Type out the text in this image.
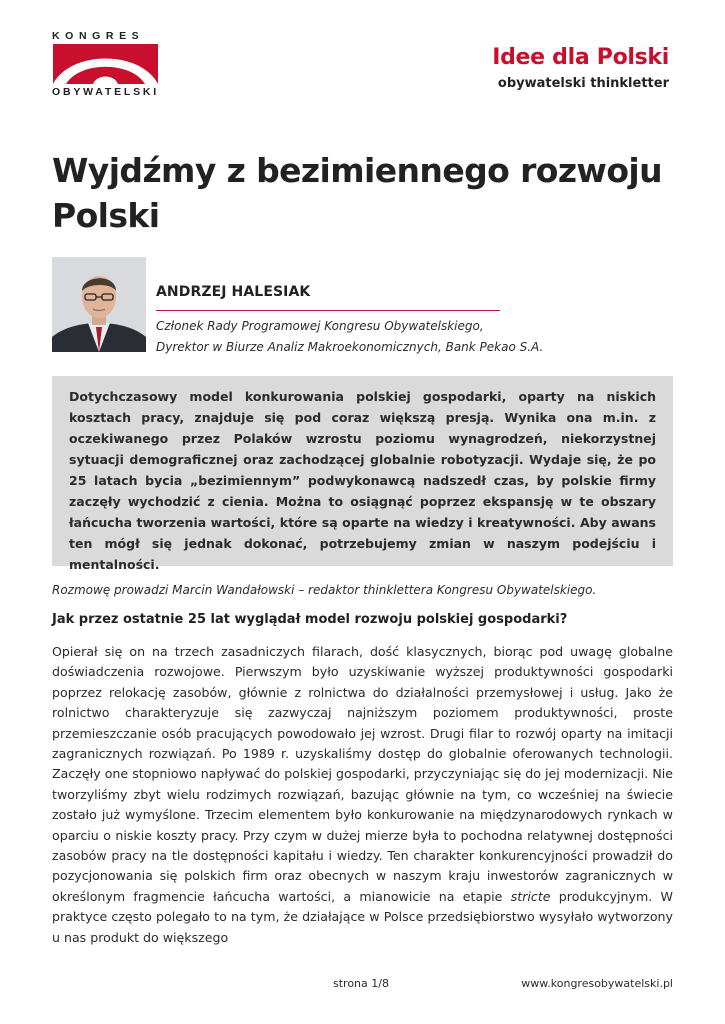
KONGRES
OBYWATELSKI
Idee dla Polski
obywatelski thinkletter
Wyjdźmy z bezimiennego rozwoju Polski
ANDRZEJ HALESIAK
Członek Rady Programowej Kongresu Obywatelskiego,
Dyrektor w Biurze Analiz Makroekonomicznych, Bank Pekao S.A.

Dotychczasowy model konkurowania polskiej gospodarki, oparty na niskich kosztach pracy, znajduje się pod coraz większą presją. Wynika ona m.in. z oczekiwanego przez Polaków wzrostu poziomu wynagrodzeń, niekorzystnej sytuacji demograficznej oraz zachodzącej globalnie robotyzacji. Wydaje się, że po 25 latach bycia „bezimiennym” podwykonawcą nadszedł czas, by polskie firmy zaczęły wychodzić z cienia. Można to osiągnąć poprzez ekspansję w te obszary łańcucha tworzenia wartości, które są oparte na wiedzy i kreatywności. Aby awans ten mógł się jednak dokonać, potrzebujemy zmian w naszym podejściu i mentalności.

Rozmowę prowadzi Marcin Wandałowski – redaktor thinklettera Kongresu Obywatelskiego.

Jak przez ostatnie 25 lat wyglądał model rozwoju polskiej gospodarki?

Opierał się on na trzech zasadniczych filarach, dość klasycznych, biorąc pod uwagę globalne doświadczenia rozwojowe. Pierwszym było uzyskiwanie wyższej produktywności gospodarki poprzez relokację zasobów, głównie z rolnictwa do działalności przemysłowej i usług. Jako że rolnictwo charakteryzuje się zazwyczaj najniższym poziomem produktywności, proste przemieszczanie osób pracujących powodowało jej wzrost. Drugi filar to rozwój oparty na imitacji zagranicznych rozwiązań. Po 1989 r. uzyskaliśmy dostęp do globalnie oferowanych technologii. Zaczęły one stopniowo napływać do polskiej gospodarki, przyczyniając się do jej modernizacji. Nie tworzyliśmy zbyt wielu rodzimych rozwiązań, bazując głównie na tym, co wcześniej na świecie zostało już wymyślone. Trzecim elementem było konkurowanie na międzynarodowych rynkach w oparciu o niskie koszty pracy. Przy czym w dużej mierze była to pochodna relatywnej dostępności zasobów pracy na tle dostępności kapitału i wiedzy. Ten charakter konkurencyjności prowadził do pozycjonowania się polskich firm oraz obecnych w naszym kraju inwestorów zagranicznych w określonym fragmencie łańcucha wartości, a mianowicie na etapie stricte produkcyjnym. W praktyce często polegało to na tym, że działające w Polsce przedsiębiorstwo wysyłało wytworzony u nas produkt do większego

strona 1/8	www.kongresobywatelski.pl
